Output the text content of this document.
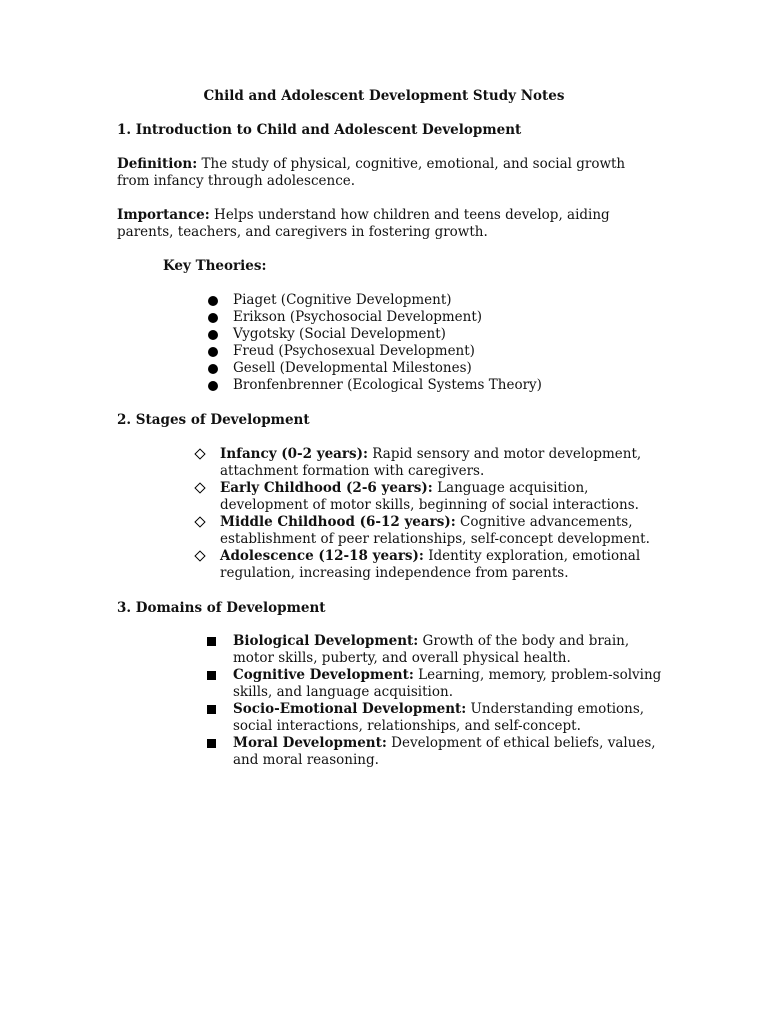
Child and Adolescent Development Study Notes
1. Introduction to Child and Adolescent Development
Definition: The study of physical, cognitive, emotional, and social growth from infancy through adolescence.
Importance: Helps understand how children and teens develop, aiding parents, teachers, and caregivers in fostering growth.
Key Theories:
Piaget (Cognitive Development)
Erikson (Psychosocial Development)
Vygotsky (Social Development)
Freud (Psychosexual Development)
Gesell (Developmental Milestones)
Bronfenbrenner (Ecological Systems Theory)
2. Stages of Development
Infancy (0-2 years): Rapid sensory and motor development, attachment formation with caregivers.
Early Childhood (2-6 years): Language acquisition, development of motor skills, beginning of social interactions.
Middle Childhood (6-12 years): Cognitive advancements, establishment of peer relationships, self-concept development.
Adolescence (12-18 years): Identity exploration, emotional regulation, increasing independence from parents.
3. Domains of Development
Biological Development: Growth of the body and brain, motor skills, puberty, and overall physical health.
Cognitive Development: Learning, memory, problem-solving skills, and language acquisition.
Socio-Emotional Development: Understanding emotions, social interactions, relationships, and self-concept.
Moral Development: Development of ethical beliefs, values, and moral reasoning.
